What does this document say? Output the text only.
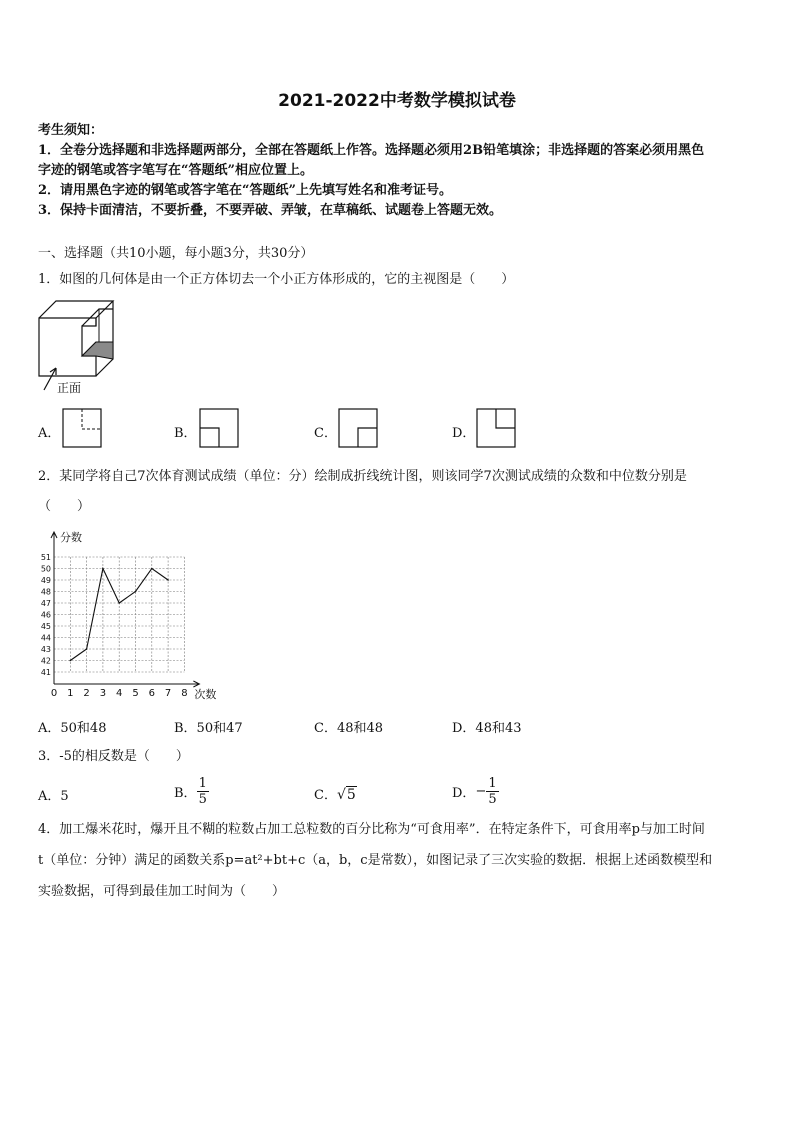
2021-2022中考数学模拟试卷
考生须知：
1．全卷分选择题和非选择题两部分，全部在答题纸上作答。选择题必须用2B铅笔填涂；非选择题的答案必须用黑色
字迹的钢笔或答字笔写在“答题纸”相应位置上。
2．请用黑色字迹的钢笔或答字笔在“答题纸”上先填写姓名和准考证号。
3．保持卡面清洁，不要折叠，不要弄破、弄皱，在草稿纸、试题卷上答题无效。
一、选择题（共10小题，每小题3分，共30分）
1．如图的几何体是由一个正方体切去一个小正方体形成的，它的主视图是（　　）
正面
A．	B．	C．	D．
2．某同学将自己7次体育测试成绩（单位：分）绘制成折线统计图，则该同学7次测试成绩的众数和中位数分别是
（　　）
0 1 2 3 4 5 6 7 8
41
42
43
44
45
46
47
48
49
50
51
分数
次数
A．50和48	B．50和47	C．48和48	D．48和43
3．-5的相反数是（　　）
A．5	B． $\frac{1}{5}$	C．√5	D．− $\frac{1}{5}$
4．加工爆米花时，爆开且不糊的粒数占加工总粒数的百分比称为“可食用率”．在特定条件下，可食用率p与加工时间
t（单位：分钟）满足的函数关系p=at²+bt+c（a，b，c是常数），如图记录了三次实验的数据．根据上述函数模型和
实验数据，可得到最佳加工时间为（　　）
